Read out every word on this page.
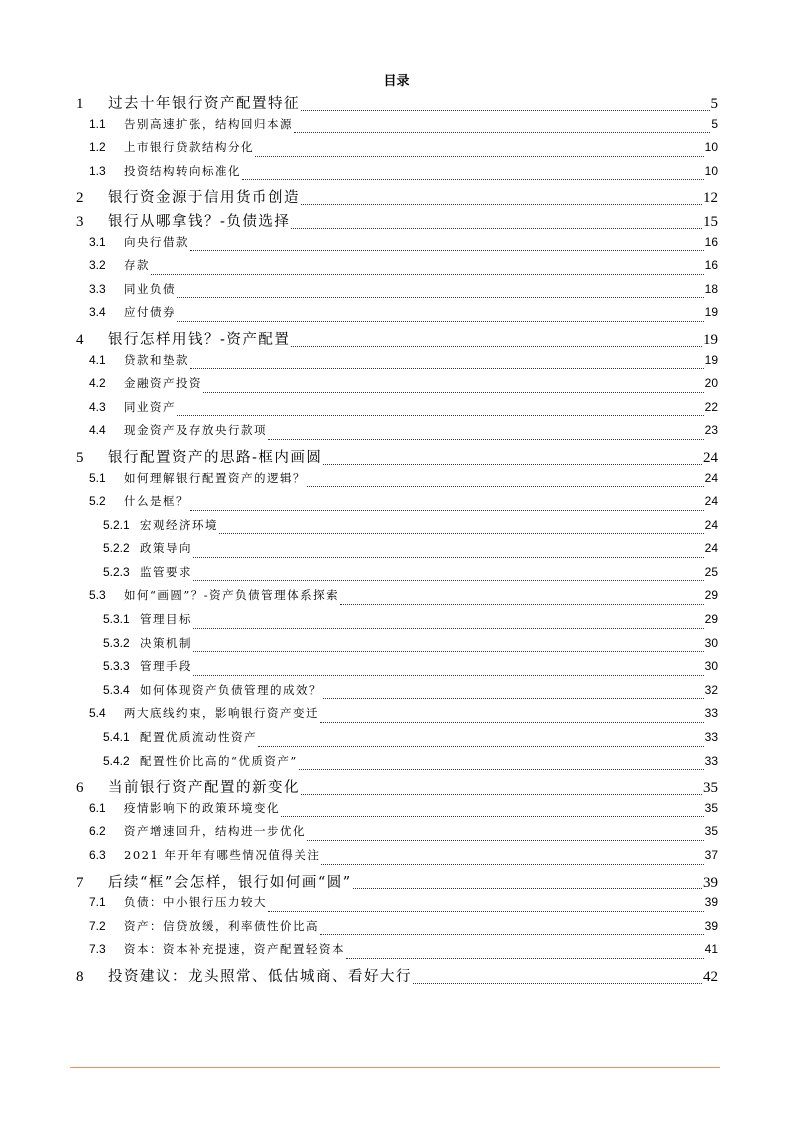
目录
1	过去十年银行资产配置特征	5
1.1	告别高速扩张，结构回归本源	5
1.2	上市银行贷款结构分化	10
1.3	投资结构转向标准化	10
2	银行资金源于信用货币创造	12
3	银行从哪拿钱？-负债选择	15
3.1	向央行借款	16
3.2	存款	16
3.3	同业负债	18
3.4	应付债券	19
4	银行怎样用钱？-资产配置	19
4.1	贷款和垫款	19
4.2	金融资产投资	20
4.3	同业资产	22
4.4	现金资产及存放央行款项	23
5	银行配置资产的思路-框内画圆	24
5.1	如何理解银行配置资产的逻辑？	24
5.2	什么是框？	24
5.2.1 宏观经济环境	24
5.2.2 政策导向	24
5.2.3 监管要求	25
5.3	如何“画圆”？-资产负债管理体系探索	29
5.3.1 管理目标	29
5.3.2 决策机制	30
5.3.3 管理手段	30
5.3.4 如何体现资产负债管理的成效？	32
5.4	两大底线约束，影响银行资产变迁	33
5.4.1 配置优质流动性资产	33
5.4.2 配置性价比高的“优质资产”	33
6	当前银行资产配置的新变化	35
6.1	疫情影响下的政策环境变化	35
6.2	资产增速回升，结构进一步优化	35
6.3	2021 年开年有哪些情况值得关注	37
7	后续“框”会怎样，银行如何画“圆”	39
7.1	负债：中小银行压力较大	39
7.2	资产：信贷放缓，利率债性价比高	39
7.3	资本：资本补充提速，资产配置轻资本	41
8	投资建议：龙头照常、低估城商、看好大行	42
